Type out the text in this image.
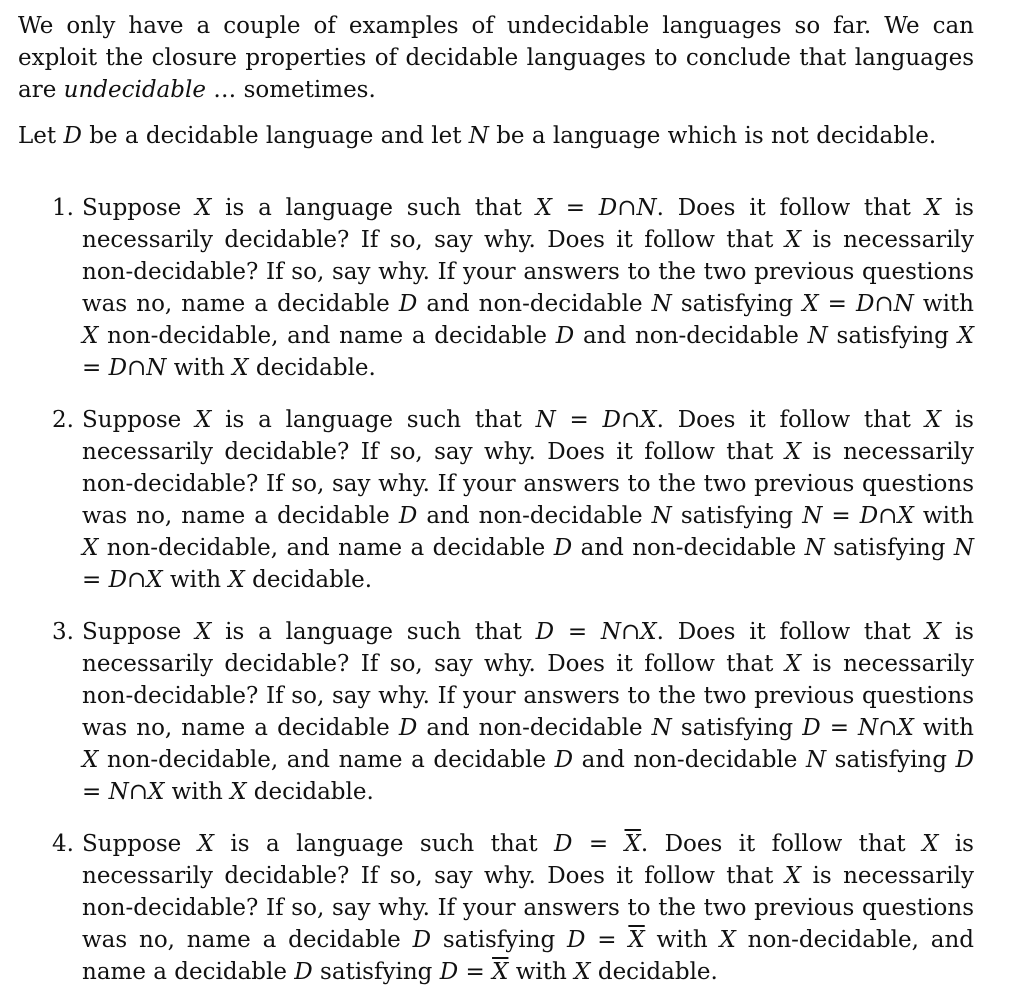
We only have a couple of examples of undecidable languages so far. We can exploit the closure properties of decidable languages to conclude that languages are undecidable … sometimes.

Let D be a decidable language and let N be a language which is not decidable.

1. Suppose X is a language such that X = D∩N. Does it follow that X is necessarily decidable? If so, say why. Does it follow that X is necessarily non-decidable? If so, say why. If your answers to the two previous questions was no, name a decidable D and non-decidable N satisfying X = D∩N with X non-decidable, and name a decidable D and non-decidable N satisfying X = D∩N with X decidable.
2. Suppose X is a language such that N = D∩X. Does it follow that X is necessarily decidable? If so, say why. Does it follow that X is necessarily non-decidable? If so, say why. If your answers to the two previous questions was no, name a decidable D and non-decidable N satisfying N = D∩X with X non-decidable, and name a decidable D and non-decidable N satisfying N = D∩X with X decidable.
3. Suppose X is a language such that D = N∩X. Does it follow that X is necessarily decidable? If so, say why. Does it follow that X is necessarily non-decidable? If so, say why. If your answers to the two previous questions was no, name a decidable D and non-decidable N satisfying D = N∩X with X non-decidable, and name a decidable D and non-decidable N satisfying D = N∩X with X decidable.
4. Suppose X is a language such that $D = \overline{X}$. Does it follow that X is necessarily decidable? If so, say why. Does it follow that X is necessarily non-decidable? If so, say why. If your answers to the two previous questions was no, name a decidable D satisfying $D = \overline{X}$ with X non-decidable, and name a decidable D satisfying $D = \overline{X}$ with X decidable.
